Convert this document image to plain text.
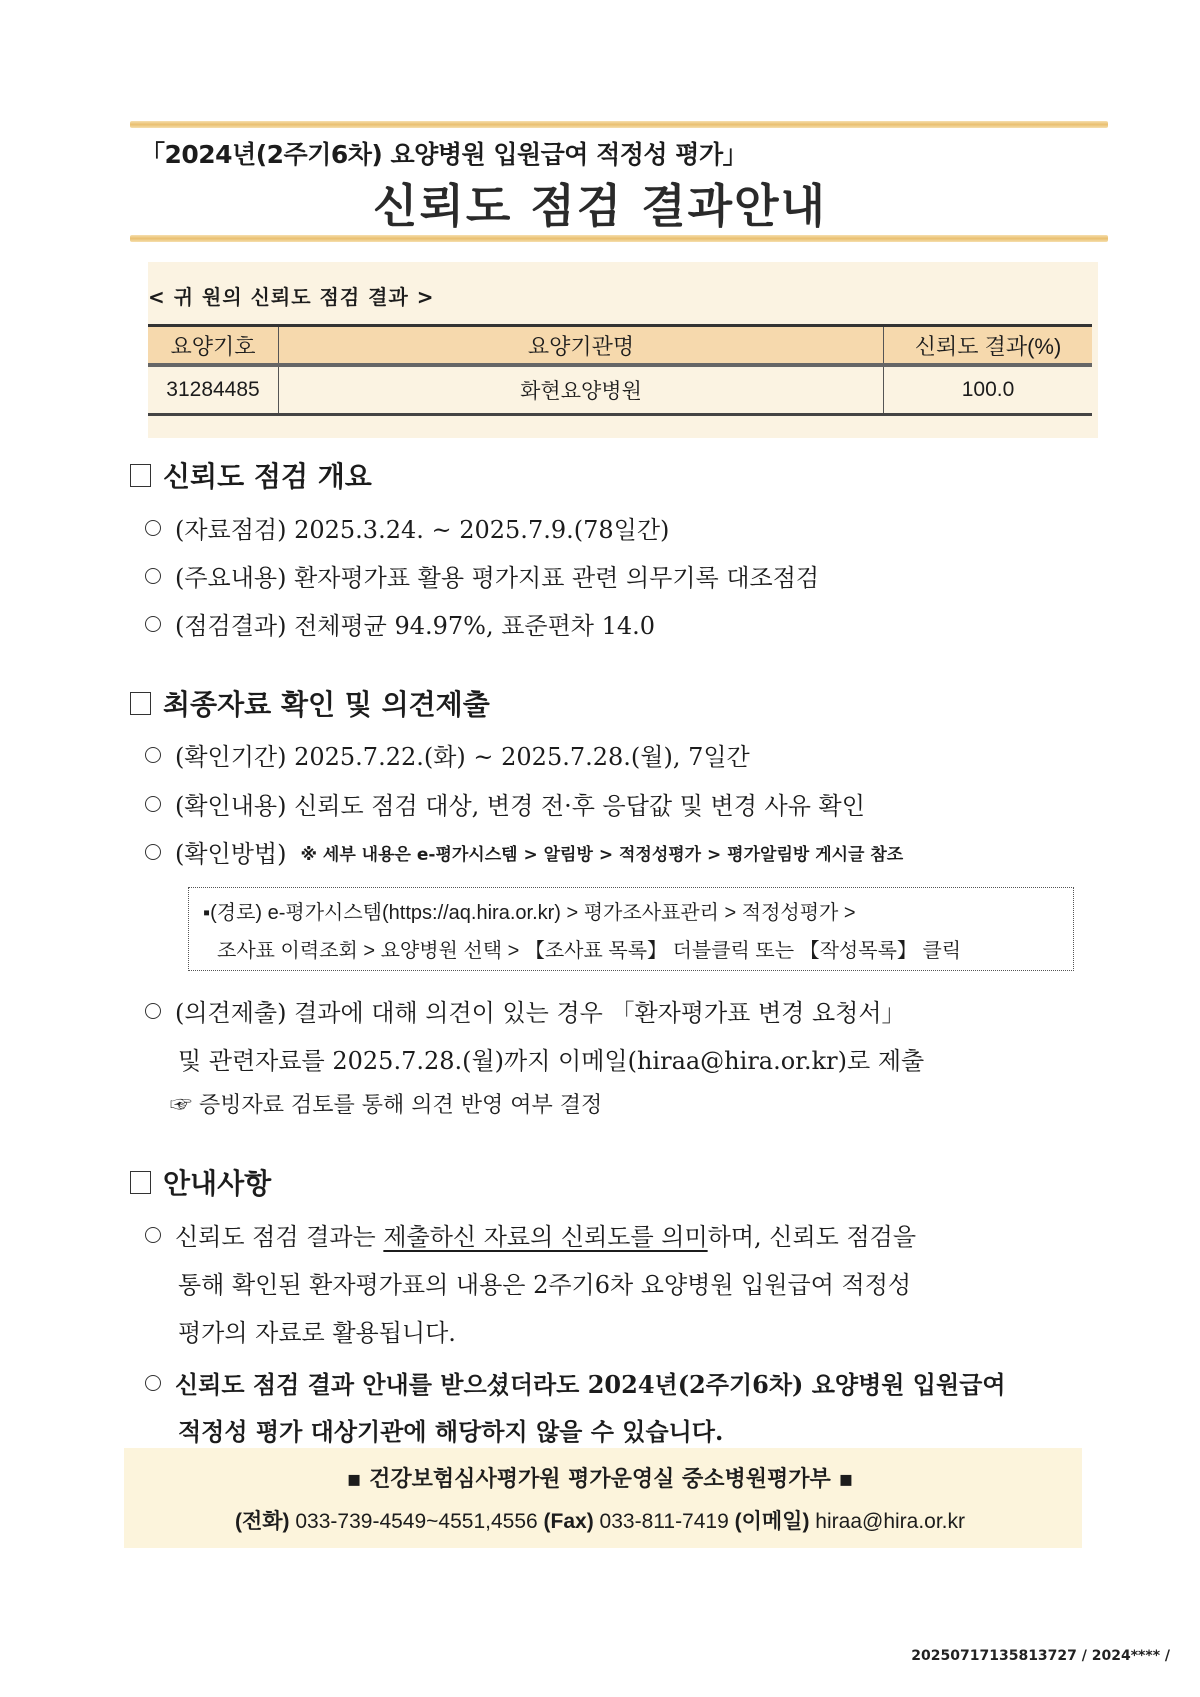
「2024년(2주기6차) 요양병원 입원급여 적정성 평가」
신뢰도 점검 결과안내
< 귀 원의 신뢰도 점검 결과 >
요양기호	요양기관명	신뢰도 결과(%)
31284485	화현요양병원	100.0
신뢰도 점검 개요
(자료점검) 2025.3.24. ~ 2025.7.9.(78일간)
(주요내용) 환자평가표 활용 평가지표 관련 의무기록 대조점검
(점검결과) 전체평균 94.97%, 표준편차 14.0
최종자료 확인 및 의견제출
(확인기간) 2025.7.22.(화) ~ 2025.7.28.(월), 7일간
(확인내용) 신뢰도 점검 대상, 변경 전·후 응답값 및 변경 사유 확인
(확인방법) ※ 세부 내용은 e-평가시스템 > 알림방 > 적정성평가 > 평가알림방 게시글 참조
▪(경로) e-평가시스템(https://aq.hira.or.kr) > 평가조사표관리 > 적정성평가 >
조사표 이력조회 > 요양병원 선택 > 【조사표 목록】 더블클릭 또는 【작성목록】 클릭
(의견제출) 결과에 대해 의견이 있는 경우 「환자평가표 변경 요청서」
및 관련자료를 2025.7.28.(월)까지 이메일(hiraa@hira.or.kr)로 제출
☞ 증빙자료 검토를 통해 의견 반영 여부 결정
안내사항
신뢰도 점검 결과는 제출하신 자료의 신뢰도를 의미하며, 신뢰도 점검을
통해 확인된 환자평가표의 내용은 2주기6차 요양병원 입원급여 적정성
평가의 자료로 활용됩니다.
신뢰도 점검 결과 안내를 받으셨더라도 2024년(2주기6차) 요양병원 입원급여
적정성 평가 대상기관에 해당하지 않을 수 있습니다.
▪ 건강보험심사평가원 평가운영실 중소병원평가부 ▪
(전화) 033-739-4549~4551,4556 (Fax) 033-811-7419 (이메일) hiraa@hira.or.kr
20250717135813727 / 2024**** /
